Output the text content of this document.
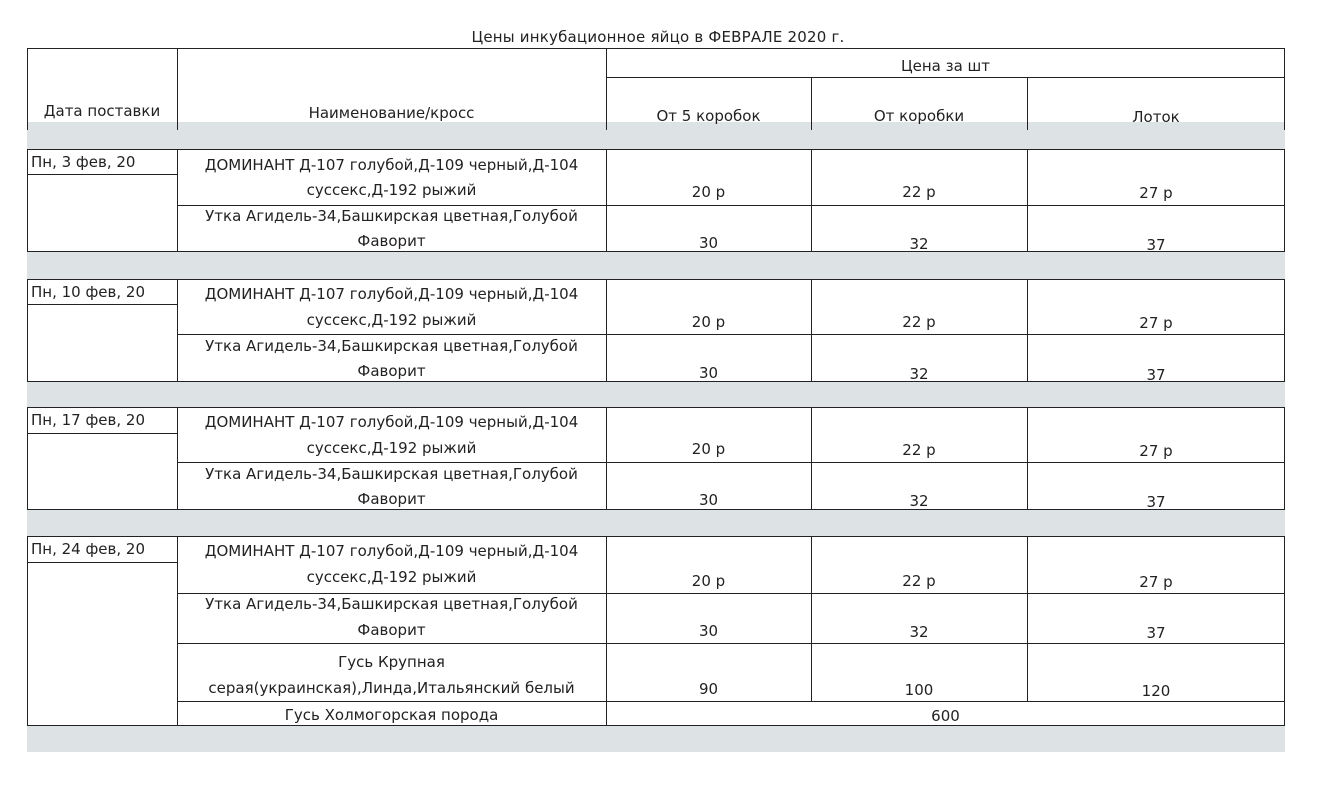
Цены инкубационное яйцо в ФЕВРАЛЕ 2020 г.
Дата поставки	Наименование/кросс
Цена за шт
От 5 коробок	От коробки	Лоток
Пн, 3 фев, 20	ДОМИНАНТ Д-107 голубой,Д-109 черный,Д-104
суссекс,Д-192 рыжий	20 р	22 р	27 р
Утка Агидель-34,Башкирская цветная,Голубой
Фаворит	30	32	37
Пн, 10 фев, 20	ДОМИНАНТ Д-107 голубой,Д-109 черный,Д-104
суссекс,Д-192 рыжий	20 р	22 р	27 р
Утка Агидель-34,Башкирская цветная,Голубой
Фаворит	30	32	37
Пн, 17 фев, 20	ДОМИНАНТ Д-107 голубой,Д-109 черный,Д-104
суссекс,Д-192 рыжий	20 р	22 р	27 р
Утка Агидель-34,Башкирская цветная,Голубой
Фаворит	30	32	37
Пн, 24 фев, 20	ДОМИНАНТ Д-107 голубой,Д-109 черный,Д-104
суссекс,Д-192 рыжий	20 р	22 р	27 р
Утка Агидель-34,Башкирская цветная,Голубой
Фаворит	30	32	37
Гусь Крупная
серая(украинская),Линда,Итальянский белый	90	100	120
Гусь Холмогорская порода	600
